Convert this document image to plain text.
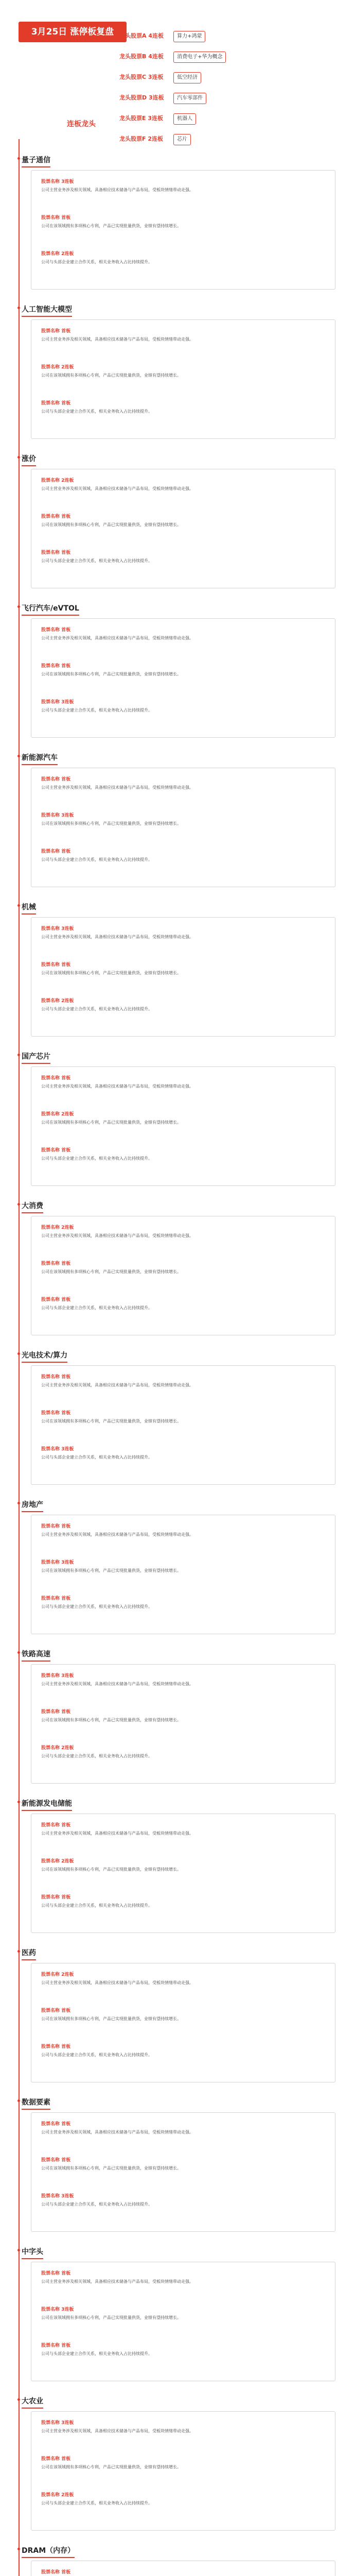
3月25日 涨停板复盘
连板龙头
龙头股票A 4连板	算力+鸿蒙
龙头股票B 4连板	消费电子+华为概念
龙头股票C 3连板	低空经济
龙头股票D 3连板	汽车零部件
龙头股票E 3连板	机器人
龙头股票F 2连板	芯片
量子通信
股票名称 3连板
公司主营业务涉及相关领域，具备相应技术储备与产品布局，受板块情绪带动走强。
股票名称 首板
公司在该领域拥有多项核心专利，产品已实现批量供货，业绩有望持续增长。
股票名称 2连板
公司与头部企业建立合作关系，相关业务收入占比持续提升。
人工智能大模型
股票名称 首板
公司主营业务涉及相关领域，具备相应技术储备与产品布局，受板块情绪带动走强。
股票名称 2连板
公司在该领域拥有多项核心专利，产品已实现批量供货，业绩有望持续增长。
股票名称 首板
公司与头部企业建立合作关系，相关业务收入占比持续提升。
涨价
股票名称 2连板
公司主营业务涉及相关领域，具备相应技术储备与产品布局，受板块情绪带动走强。
股票名称 首板
公司在该领域拥有多项核心专利，产品已实现批量供货，业绩有望持续增长。
股票名称 首板
公司与头部企业建立合作关系，相关业务收入占比持续提升。
飞行汽车/eVTOL
股票名称 首板
公司主营业务涉及相关领域，具备相应技术储备与产品布局，受板块情绪带动走强。
股票名称 首板
公司在该领域拥有多项核心专利，产品已实现批量供货，业绩有望持续增长。
股票名称 3连板
公司与头部企业建立合作关系，相关业务收入占比持续提升。
新能源汽车
股票名称 首板
公司主营业务涉及相关领域，具备相应技术储备与产品布局，受板块情绪带动走强。
股票名称 3连板
公司在该领域拥有多项核心专利，产品已实现批量供货，业绩有望持续增长。
股票名称 首板
公司与头部企业建立合作关系，相关业务收入占比持续提升。
机械
股票名称 3连板
公司主营业务涉及相关领域，具备相应技术储备与产品布局，受板块情绪带动走强。
股票名称 首板
公司在该领域拥有多项核心专利，产品已实现批量供货，业绩有望持续增长。
股票名称 2连板
公司与头部企业建立合作关系，相关业务收入占比持续提升。
国产芯片
股票名称 首板
公司主营业务涉及相关领域，具备相应技术储备与产品布局，受板块情绪带动走强。
股票名称 2连板
公司在该领域拥有多项核心专利，产品已实现批量供货，业绩有望持续增长。
股票名称 首板
公司与头部企业建立合作关系，相关业务收入占比持续提升。
大消费
股票名称 2连板
公司主营业务涉及相关领域，具备相应技术储备与产品布局，受板块情绪带动走强。
股票名称 首板
公司在该领域拥有多项核心专利，产品已实现批量供货，业绩有望持续增长。
股票名称 首板
公司与头部企业建立合作关系，相关业务收入占比持续提升。
光电技术/算力
股票名称 首板
公司主营业务涉及相关领域，具备相应技术储备与产品布局，受板块情绪带动走强。
股票名称 首板
公司在该领域拥有多项核心专利，产品已实现批量供货，业绩有望持续增长。
股票名称 3连板
公司与头部企业建立合作关系，相关业务收入占比持续提升。
房地产
股票名称 首板
公司主营业务涉及相关领域，具备相应技术储备与产品布局，受板块情绪带动走强。
股票名称 3连板
公司在该领域拥有多项核心专利，产品已实现批量供货，业绩有望持续增长。
股票名称 首板
公司与头部企业建立合作关系，相关业务收入占比持续提升。
铁路高速
股票名称 3连板
公司主营业务涉及相关领域，具备相应技术储备与产品布局，受板块情绪带动走强。
股票名称 首板
公司在该领域拥有多项核心专利，产品已实现批量供货，业绩有望持续增长。
股票名称 2连板
公司与头部企业建立合作关系，相关业务收入占比持续提升。
新能源发电储能
股票名称 首板
公司主营业务涉及相关领域，具备相应技术储备与产品布局，受板块情绪带动走强。
股票名称 2连板
公司在该领域拥有多项核心专利，产品已实现批量供货，业绩有望持续增长。
股票名称 首板
公司与头部企业建立合作关系，相关业务收入占比持续提升。
医药
股票名称 2连板
公司主营业务涉及相关领域，具备相应技术储备与产品布局，受板块情绪带动走强。
股票名称 首板
公司在该领域拥有多项核心专利，产品已实现批量供货，业绩有望持续增长。
股票名称 首板
公司与头部企业建立合作关系，相关业务收入占比持续提升。
数据要素
股票名称 首板
公司主营业务涉及相关领域，具备相应技术储备与产品布局，受板块情绪带动走强。
股票名称 首板
公司在该领域拥有多项核心专利，产品已实现批量供货，业绩有望持续增长。
股票名称 3连板
公司与头部企业建立合作关系，相关业务收入占比持续提升。
中字头
股票名称 首板
公司主营业务涉及相关领域，具备相应技术储备与产品布局，受板块情绪带动走强。
股票名称 3连板
公司在该领域拥有多项核心专利，产品已实现批量供货，业绩有望持续增长。
股票名称 首板
公司与头部企业建立合作关系，相关业务收入占比持续提升。
大农业
股票名称 3连板
公司主营业务涉及相关领域，具备相应技术储备与产品布局，受板块情绪带动走强。
股票名称 首板
公司在该领域拥有多项核心专利，产品已实现批量供货，业绩有望持续增长。
股票名称 2连板
公司与头部企业建立合作关系，相关业务收入占比持续提升。
DRAM（内存）
股票名称 首板
